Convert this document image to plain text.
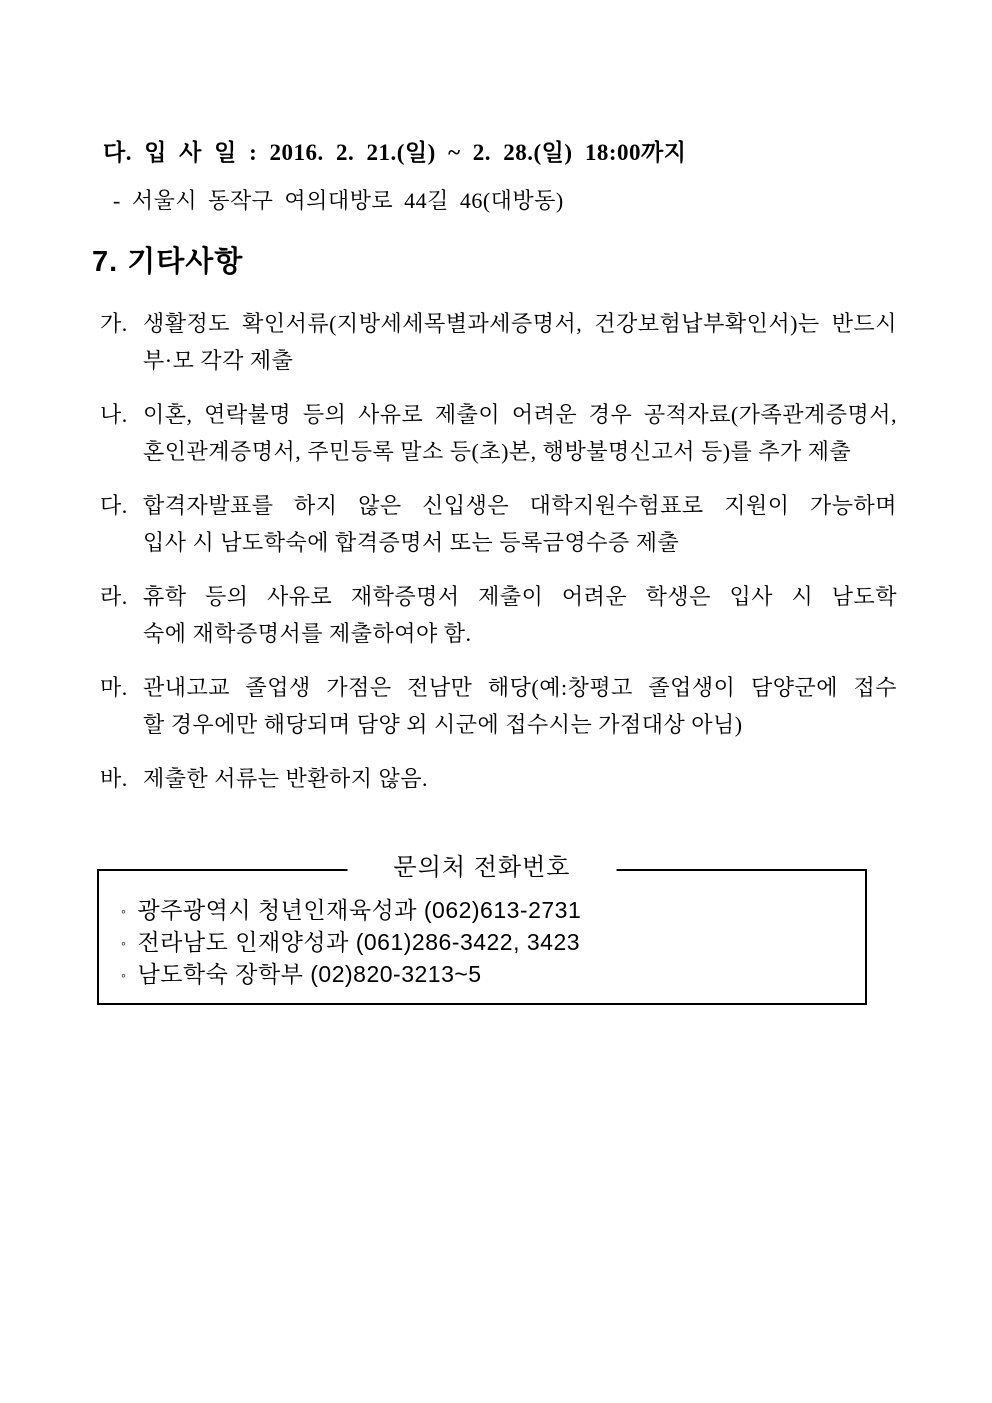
다. 입 사 일 : 2016. 2. 21.(일) ~ 2. 28.(일) 18:00까지
- 서울시 동작구 여의대방로 44길 46(대방동)
7. 기타사항
가. 생활정도 확인서류(지방세세목별과세증명서, 건강보험납부확인서)는 반드시
부·모 각각 제출
나. 이혼, 연락불명 등의 사유로 제출이 어려운 경우 공적자료(가족관계증명서,
혼인관계증명서, 주민등록 말소 등(초)본, 행방불명신고서 등)를 추가 제출
다. 합격자발표를 하지 않은 신입생은 대학지원수험표로 지원이 가능하며
입사 시 남도학숙에 합격증명서 또는 등록금영수증 제출
라. 휴학 등의 사유로 재학증명서 제출이 어려운 학생은 입사 시 남도학
숙에 재학증명서를 제출하여야 함.
마. 관내고교 졸업생 가점은 전남만 해당(예:창평고 졸업생이 담양군에 접수
할 경우에만 해당되며 담양 외 시군에 접수시는 가점대상 아님)
바. 제출한 서류는 반환하지 않음.
문의처 전화번호
◦ 광주광역시 청년인재육성과 (062)613-2731
◦ 전라남도 인재양성과 (061)286-3422, 3423
◦ 남도학숙 장학부 (02)820-3213~5
